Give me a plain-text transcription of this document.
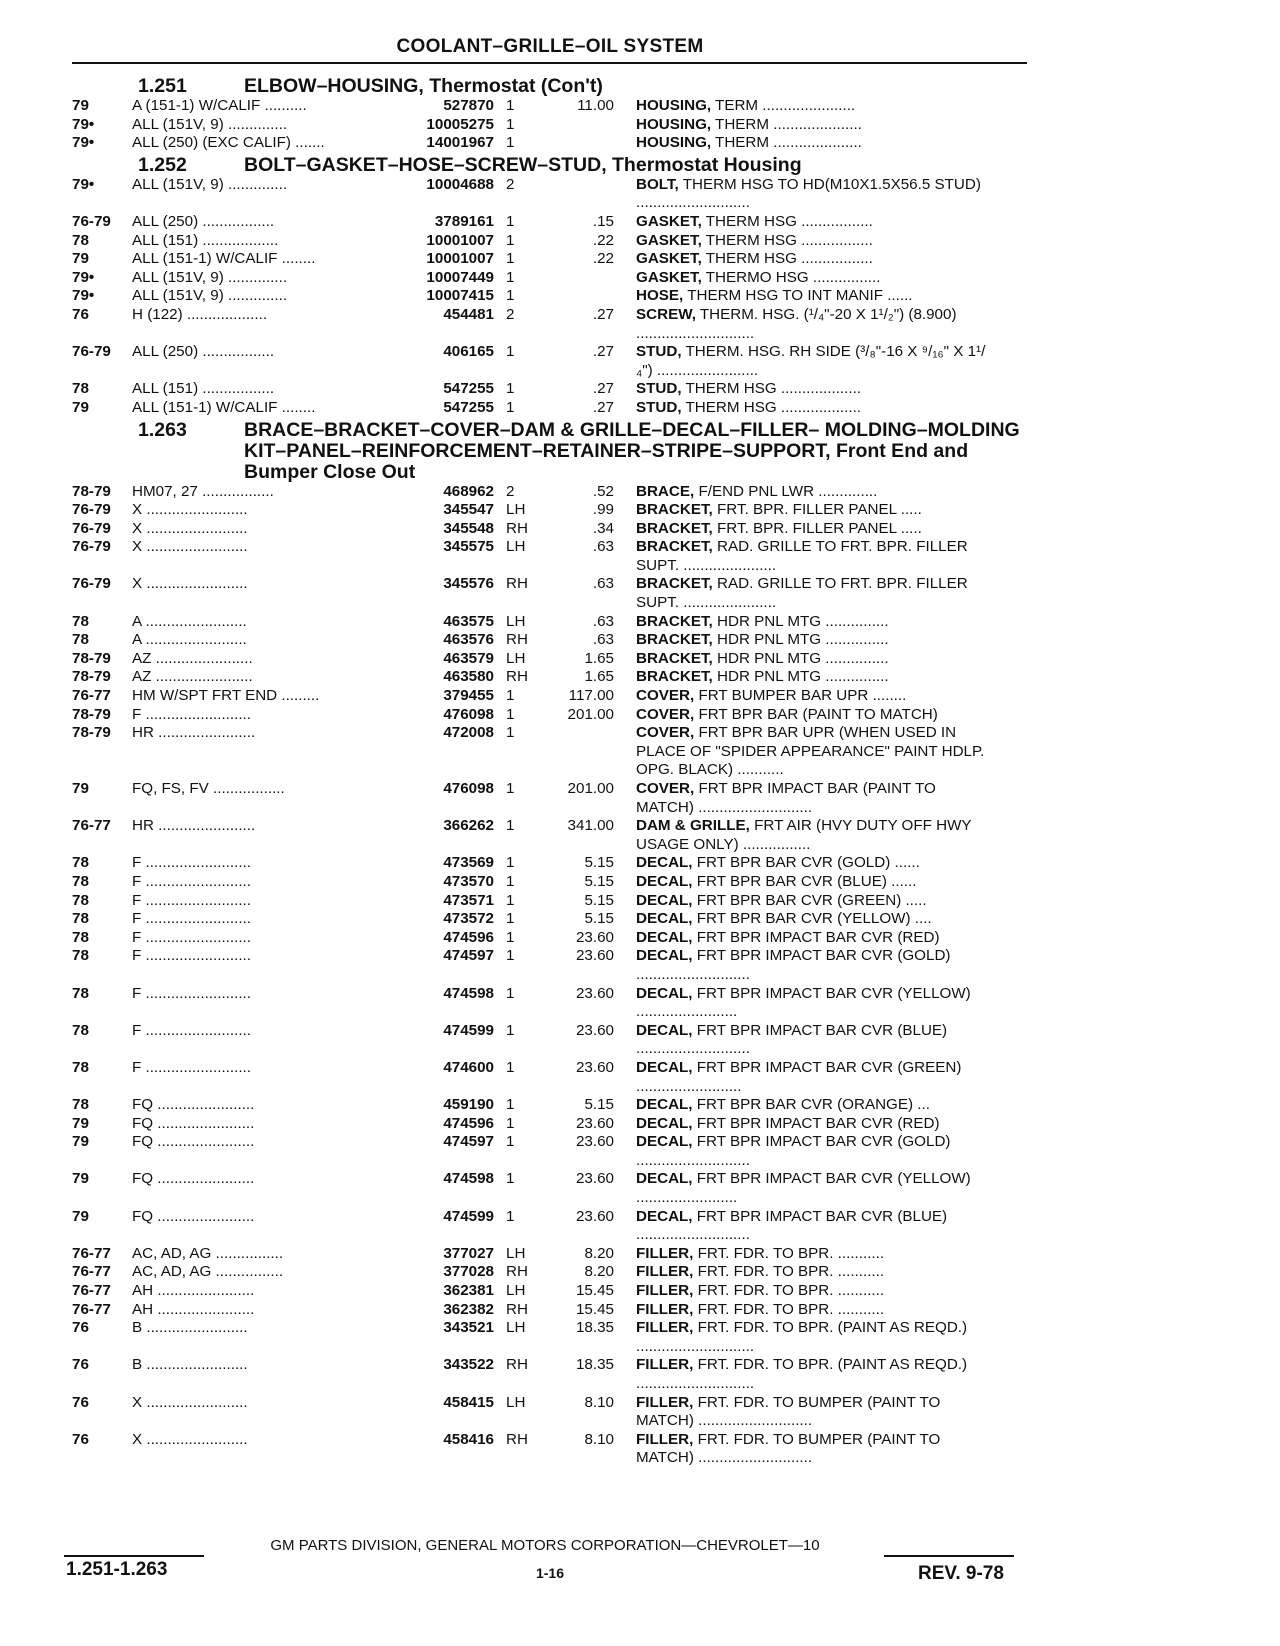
COOLANT–GRILLE–OIL SYSTEM
1.251	ELBOW–HOUSING, Thermostat (Con't)
79	A (151-1) W/CALIF ..........	527870 1	11.00	HOUSING, TERM ......................
79•	ALL (151V, 9) ..............	10005275 1	HOUSING, THERM .....................
79•	ALL (250) (EXC CALIF) .......	14001967 1	HOUSING, THERM .....................
1.252	BOLT–GASKET–HOSE–SCREW–STUD, Thermostat Housing
79•	ALL (151V, 9) ..............	10004688 2	BOLT, THERM HSG TO HD(M10X1.5X56.5 STUD) ...........................
76-79	ALL (250) .................	3789161 1	.15	GASKET, THERM HSG .................
78	ALL (151) ..................	10001007 1	.22	GASKET, THERM HSG .................
79	ALL (151-1) W/CALIF ........	10001007 1	.22	GASKET, THERM HSG .................
79•	ALL (151V, 9) ..............	10007449 1	GASKET, THERMO HSG ................
79•	ALL (151V, 9) ..............	10007415 1	HOSE, THERM HSG TO INT MANIF ......
76	H (122) ...................	454481 2	.27	SCREW, THERM. HSG. (¹/₄"-20 X 1¹/₂") (8.900) ............................
76-79	ALL (250) .................	406165 1	.27	STUD, THERM. HSG. RH SIDE (³/₈"-16 X ⁹/₁₆" X 1¹/₄") ........................
78	ALL (151) .................	547255 1	.27	STUD, THERM HSG ...................
79	ALL (151-1) W/CALIF ........	547255 1	.27	STUD, THERM HSG ...................
1.263	BRACE–BRACKET–COVER–DAM & GRILLE–DECAL–FILLER– MOLDING–MOLDING KIT–PANEL–REINFORCEMENT–RETAINER–STRIPE–SUPPORT, Front End and Bumper Close Out
78-79	HM07, 27 .................	468962 2	.52	BRACE, F/END PNL LWR ..............
76-79	X ........................	345547 LH	.99	BRACKET, FRT. BPR. FILLER PANEL .....
76-79	X ........................	345548 RH	.34	BRACKET, FRT. BPR. FILLER PANEL .....
76-79	X ........................	345575 LH	.63	BRACKET, RAD. GRILLE TO FRT. BPR. FILLER SUPT. ......................
76-79	X ........................	345576 RH	.63	BRACKET, RAD. GRILLE TO FRT. BPR. FILLER SUPT. ......................
78	A ........................	463575 LH	.63	BRACKET, HDR PNL MTG ...............
78	A ........................	463576 RH	.63	BRACKET, HDR PNL MTG ...............
78-79	AZ .......................	463579 LH	1.65	BRACKET, HDR PNL MTG ...............
78-79	AZ .......................	463580 RH	1.65	BRACKET, HDR PNL MTG ...............
76-77	HM W/SPT FRT END .........	379455 1	117.00	COVER, FRT BUMPER BAR UPR ........
78-79	F .........................	476098 1	201.00	COVER, FRT BPR BAR (PAINT TO MATCH)
78-79	HR .......................	472008 1	COVER, FRT BPR BAR UPR (WHEN USED IN PLACE OF "SPIDER APPEARANCE" PAINT HDLP. OPG. BLACK) ...........
79	FQ, FS, FV .................	476098 1	201.00	COVER, FRT BPR IMPACT BAR (PAINT TO MATCH) ...........................
76-77	HR .......................	366262 1	341.00	DAM & GRILLE, FRT AIR (HVY DUTY OFF HWY USAGE ONLY) ................
78	F .........................	473569 1	5.15	DECAL, FRT BPR BAR CVR (GOLD) ......
78	F .........................	473570 1	5.15	DECAL, FRT BPR BAR CVR (BLUE) ......
78	F .........................	473571 1	5.15	DECAL, FRT BPR BAR CVR (GREEN) .....
78	F .........................	473572 1	5.15	DECAL, FRT BPR BAR CVR (YELLOW) ....
78	F .........................	474596 1	23.60	DECAL, FRT BPR IMPACT BAR CVR (RED)
78	F .........................	474597 1	23.60	DECAL, FRT BPR IMPACT BAR CVR (GOLD) ...........................
78	F .........................	474598 1	23.60	DECAL, FRT BPR IMPACT BAR CVR (YELLOW) ........................
78	F .........................	474599 1	23.60	DECAL, FRT BPR IMPACT BAR CVR (BLUE) ...........................
78	F .........................	474600 1	23.60	DECAL, FRT BPR IMPACT BAR CVR (GREEN) .........................
78	FQ .......................	459190 1	5.15	DECAL, FRT BPR BAR CVR (ORANGE) ...
79	FQ .......................	474596 1	23.60	DECAL, FRT BPR IMPACT BAR CVR (RED)
79	FQ .......................	474597 1	23.60	DECAL, FRT BPR IMPACT BAR CVR (GOLD) ...........................
79	FQ .......................	474598 1	23.60	DECAL, FRT BPR IMPACT BAR CVR (YELLOW) ........................
79	FQ .......................	474599 1	23.60	DECAL, FRT BPR IMPACT BAR CVR (BLUE) ...........................
76-77	AC, AD, AG ................	377027 LH	8.20	FILLER, FRT. FDR. TO BPR. ...........
76-77	AC, AD, AG ................	377028 RH	8.20	FILLER, FRT. FDR. TO BPR. ...........
76-77	AH .......................	362381 LH	15.45	FILLER, FRT. FDR. TO BPR. ...........
76-77	AH .......................	362382 RH	15.45	FILLER, FRT. FDR. TO BPR. ...........
76	B ........................	343521 LH	18.35	FILLER, FRT. FDR. TO BPR. (PAINT AS REQD.) ............................
76	B ........................	343522 RH	18.35	FILLER, FRT. FDR. TO BPR. (PAINT AS REQD.) ............................
76	X ........................	458415 LH	8.10	FILLER, FRT. FDR. TO BUMPER (PAINT TO MATCH) ...........................
76	X ........................	458416 RH	8.10	FILLER, FRT. FDR. TO BUMPER (PAINT TO MATCH) ...........................
GM PARTS DIVISION, GENERAL MOTORS CORPORATION—CHEVROLET—10
1.251-1.263	1-16	REV. 9-78
